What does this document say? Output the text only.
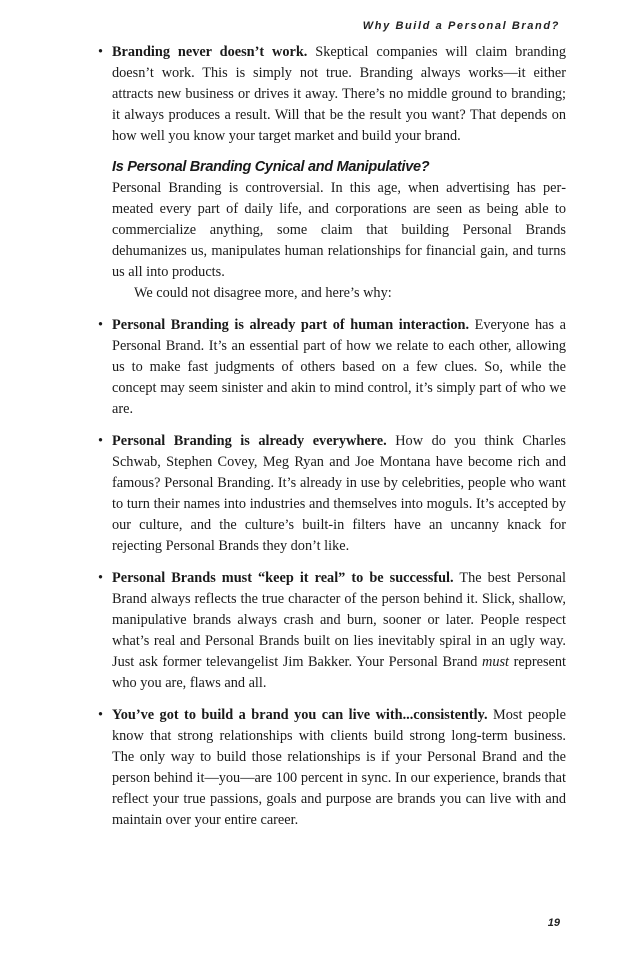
Why Build a Personal Brand?
• Branding never doesn’t work. Skeptical companies will claim branding doesn’t work. This is simply not true. Branding always works—it either attracts new business or drives it away. There’s no middle ground to branding; it always produces a result. Will that be the result you want? That depends on how well you know your target market and build your brand.

Is Personal Branding Cynical and Manipulative?

Personal Branding is controversial. In this age, when advertising has permeated every part of daily life, and corporations are seen as being able to commercialize anything, some claim that building Personal Brands dehumanizes us, manipulates human relationships for financial gain, and turns us all into products.

We could not disagree more, and here’s why:

• Personal Branding is already part of human interaction. Everyone has a Personal Brand. It’s an essential part of how we relate to each other, allowing us to make fast judgments of others based on a few clues. So, while the concept may seem sinister and akin to mind control, it’s simply part of who we are.

• Personal Branding is already everywhere. How do you think Charles Schwab, Stephen Covey, Meg Ryan and Joe Montana have become rich and famous? Personal Branding. It’s already in use by celebrities, people who want to turn their names into industries and themselves into moguls. It’s accepted by our culture, and the culture’s built-in filters have an uncanny knack for rejecting Personal Brands they don’t like.

• Personal Brands must “keep it real” to be successful. The best Personal Brand always reflects the true character of the person behind it. Slick, shallow, manipulative brands always crash and burn, sooner or later. People respect what’s real and Personal Brands built on lies inevitably spiral in an ugly way. Just ask former televangelist Jim Bakker. Your Personal Brand must represent who you are, flaws and all.

• You’ve got to build a brand you can live with...consistently. Most people know that strong relationships with clients build strong long-term business. The only way to build those relationships is if your Personal Brand and the person behind it—you—are 100 percent in sync. In our experience, brands that reflect your true passions, goals and purpose are brands you can live with and maintain over your entire career.

19
